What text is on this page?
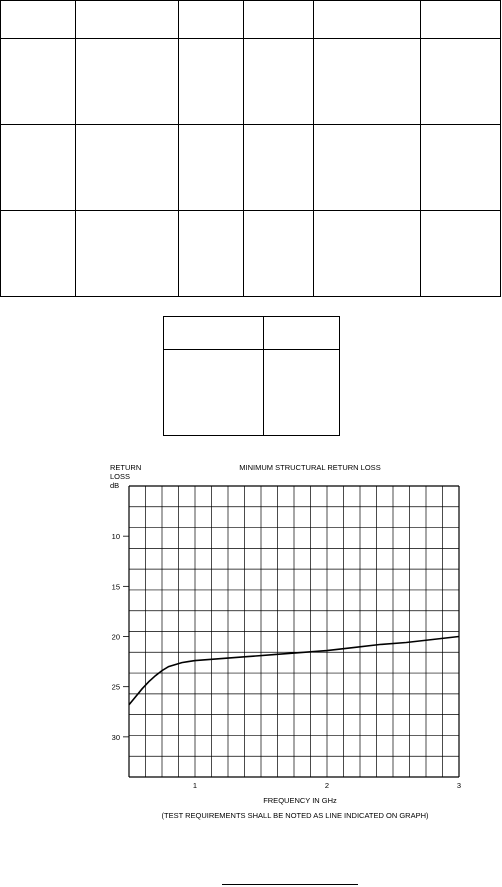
RETURN
LOSS
dB
MINIMUM STRUCTURAL RETURN LOSS
10
15
20
25
30
1	2	3
FREQUENCY IN GHz
(TEST REQUIREMENTS SHALL BE NOTED AS LINE INDICATED ON GRAPH)
